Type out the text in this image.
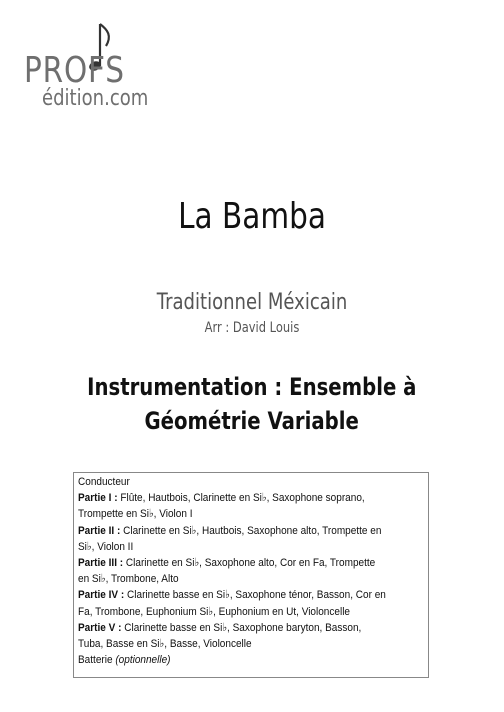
PROFS
édition.com
La Bamba
Traditionnel Méxicain
Arr : David Louis
Instrumentation : Ensemble à
Géométrie Variable
Conducteur
Partie I : Flûte, Hautbois, Clarinette en Si♭, Saxophone soprano,
Trompette en Si♭, Violon I
Partie II : Clarinette en Si♭, Hautbois, Saxophone alto, Trompette en
Si♭, Violon II
Partie III : Clarinette en Si♭, Saxophone alto, Cor en Fa, Trompette
en Si♭, Trombone, Alto
Partie IV : Clarinette basse en Si♭, Saxophone ténor, Basson, Cor en
Fa, Trombone, Euphonium Si♭, Euphonium en Ut, Violoncelle
Partie V : Clarinette basse en Si♭, Saxophone baryton, Basson,
Tuba, Basse en Si♭, Basse, Violoncelle
Batterie (optionnelle)
